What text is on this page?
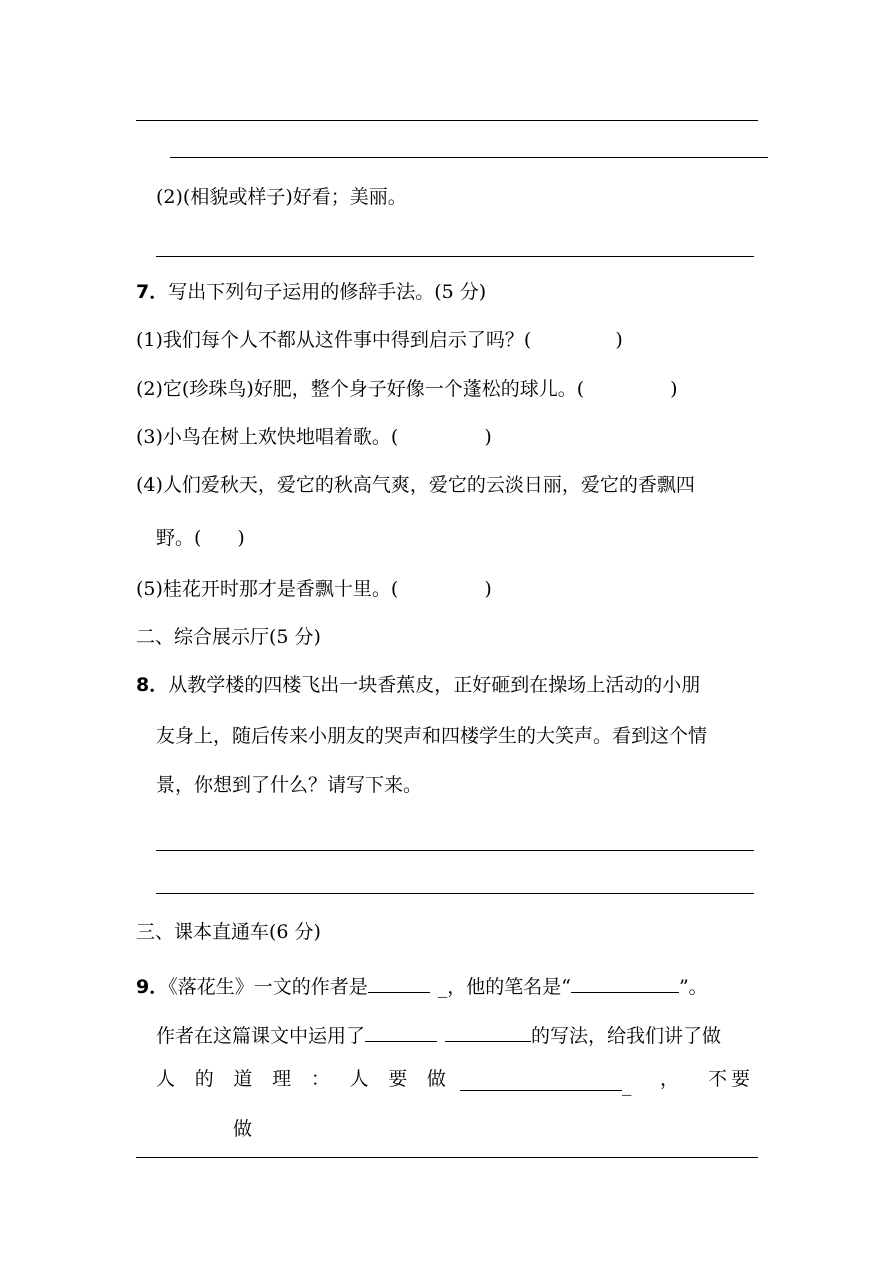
(2)(相貌或样子)好看；美丽。
7．写出下列句子运用的修辞手法。(5 分)
(1)我们每个人不都从这件事中得到启示了吗？(	)
(2)它(珍珠鸟)好肥，整个身子好像一个蓬松的球儿。(	)
(3)小鸟在树上欢快地唱着歌。(	)
(4)人们爱秋天，爱它的秋高气爽，爱它的云淡日丽，爱它的香飘四
野。( )
(5)桂花开时那才是香飘十里。(	)
二、综合展示厅(5 分)
8．从教学楼的四楼飞出一块香蕉皮，正好砸到在操场上活动的小朋
友身上，随后传来小朋友的哭声和四楼学生的大笑声。看到这个情
景，你想到了什么？请写下来。
三、课本直通车(6 分)
9．《落花生》一文的作者是	_，他的笔名是“	”。
作者在这篇课文中运用了	的写法，给我们讲了做
人 的 道 理 ： 人 要 做	_ ， 不要
做
